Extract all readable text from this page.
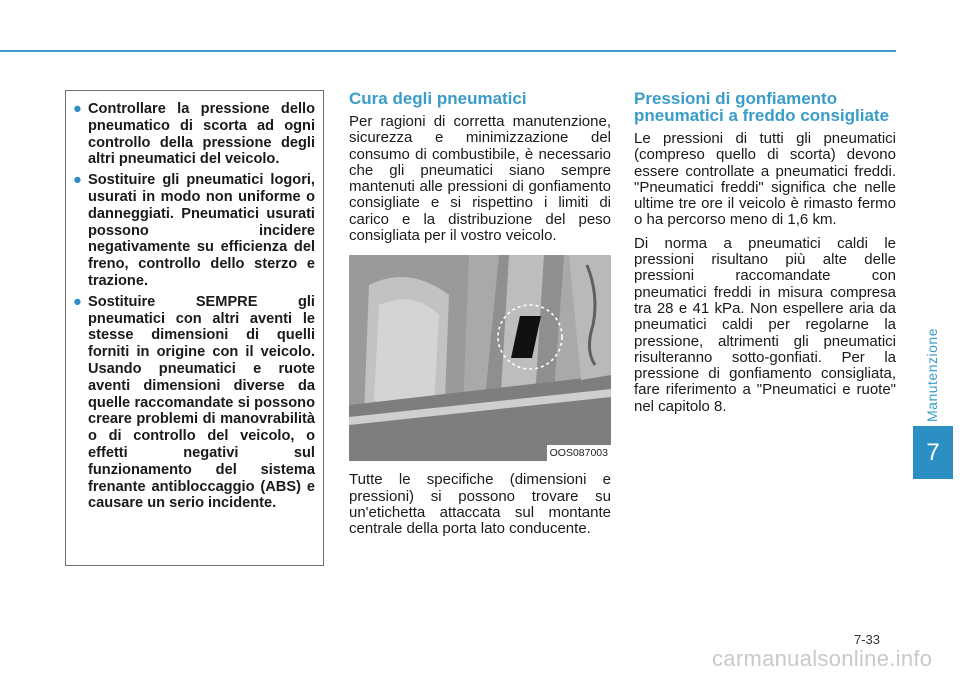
Manutenzione
7
● Controllare la pressione dello pneumatico di scorta ad ogni controllo della pressione degli altri pneumatici del veicolo.
● Sostituire gli pneumatici logori, usurati in modo non uniforme o danneggiati. Pneumatici usurati possono incidere negativamente su efficienza del freno, controllo dello sterzo e trazione.
● Sostituire SEMPRE gli pneumatici con altri aventi le stesse dimensioni di quelli forniti in origine con il veicolo. Usando pneumatici e ruote aventi dimensioni diverse da quelle raccomandate si possono creare problemi di manovrabilità o di controllo del veicolo, o effetti negativi sul funzionamento del sistema frenante antibloccaggio (ABS) e causare un serio incidente.
Cura degli pneumatici

Per ragioni di corretta manutenzione, sicurezza e minimizzazione del consumo di combustibile, è necessario che gli pneumatici siano sempre mantenuti alle pressioni di gonfiamento consigliate e si rispettino i limiti di carico e la distribuzione del peso consigliata per il vostro veicolo.

OOS087003

Tutte le specifiche (dimensioni e pressioni) si possono trovare su un'etichetta attaccata sul montante centrale della porta lato conducente.

Pressioni di gonfiamento pneumatici a freddo consigliate

Le pressioni di tutti gli pneumatici (compreso quello di scorta) devono essere controllate a pneumatici freddi. "Pneumatici freddi" significa che nelle ultime tre ore il veicolo è rimasto fermo o ha percorso meno di 1,6 km.

Di norma a pneumatici caldi le pressioni risultano più alte delle pressioni raccomandate con pneumatici freddi in misura compresa tra 28 e 41 kPa. Non espellere aria da pneumatici caldi per regolarne la pressione, altrimenti gli pneumatici risulteranno sotto-gonfiati. Per la pressione di gonfiamento consigliata, fare riferimento a "Pneumatici e ruote" nel capitolo 8.

7-33
carmanualsonline.info
